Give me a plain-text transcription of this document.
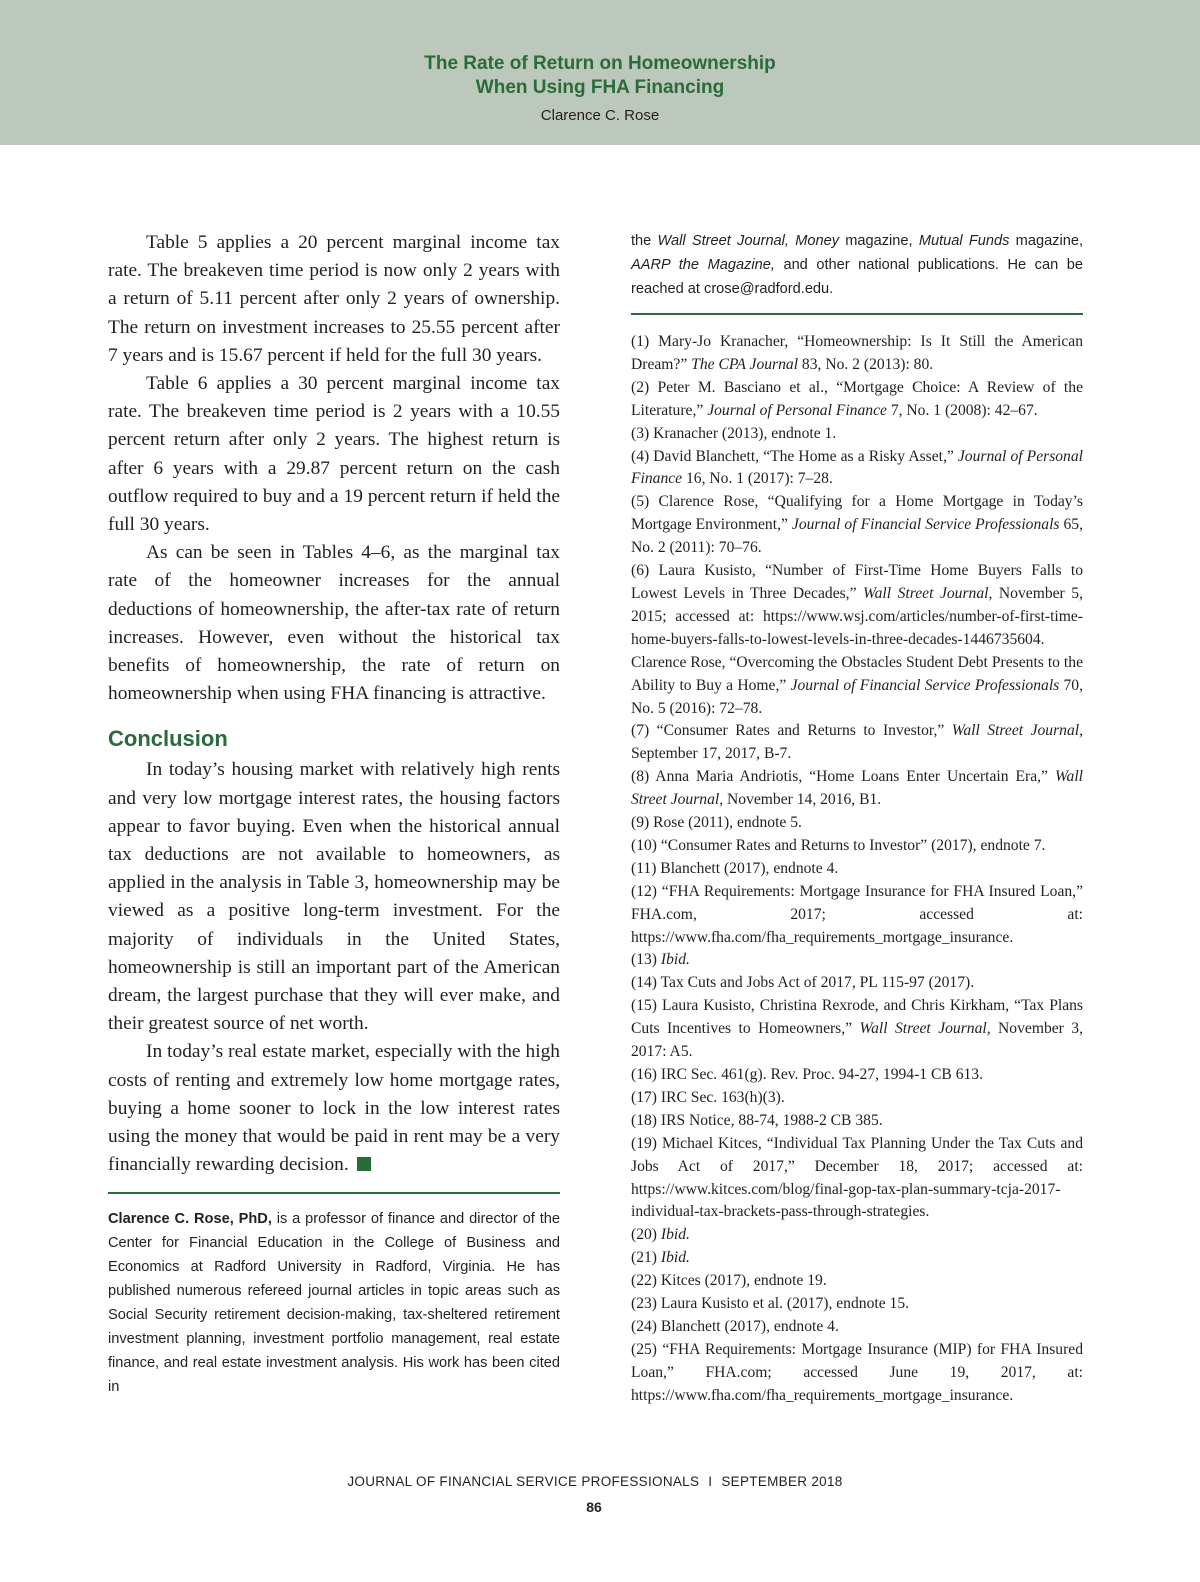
The Rate of Return on Homeownership
When Using FHA Financing
Clarence C. Rose

Table 5 applies a 20 percent marginal income tax rate. The breakeven time period is now only 2 years with a return of 5.11 percent after only 2 years of ownership. The return on investment increases to 25.55 percent after 7 years and is 15.67 percent if held for the full 30 years.

Table 6 applies a 30 percent marginal income tax rate. The breakeven time period is 2 years with a 10.55 percent return after only 2 years. The highest return is after 6 years with a 29.87 percent return on the cash outflow required to buy and a 19 percent return if held the full 30 years.

As can be seen in Tables 4–6, as the marginal tax rate of the homeowner increases for the annual deductions of homeownership, the after-tax rate of return increases. However, even without the historical tax benefits of homeownership, the rate of return on homeownership when using FHA financing is attractive.

Conclusion

In today’s housing market with relatively high rents and very low mortgage interest rates, the housing factors appear to favor buying. Even when the historical annual tax deductions are not available to homeowners, as applied in the analysis in Table 3, homeownership may be viewed as a positive long-term investment. For the majority of individuals in the United States, homeownership is still an important part of the American dream, the largest purchase that they will ever make, and their greatest source of net worth.

In today’s real estate market, especially with the high costs of renting and extremely low home mortgage rates, buying a home sooner to lock in the low interest rates using the money that would be paid in rent may be a very financially rewarding decision.

Clarence C. Rose, PhD, is a professor of finance and director of the Center for Financial Education in the College of Business and Economics at Radford University in Radford, Virginia. He has published numerous refereed journal articles in topic areas such as Social Security retirement decision-making, tax-sheltered retirement investment planning, investment portfolio management, real estate finance, and real estate investment analysis. His work has been cited in

the Wall Street Journal, Money magazine, Mutual Funds magazine, AARP the Magazine, and other national publications. He can be reached at crose@radford.edu.

(1) Mary-Jo Kranacher, “Homeownership: Is It Still the American Dream?” The CPA Journal 83, No. 2 (2013): 80.

(2) Peter M. Basciano et al., “Mortgage Choice: A Review of the Literature,” Journal of Personal Finance 7, No. 1 (2008): 42–67.

(3) Kranacher (2013), endnote 1.

(4) David Blanchett, “The Home as a Risky Asset,” Journal of Personal Finance 16, No. 1 (2017): 7–28.

(5) Clarence Rose, “Qualifying for a Home Mortgage in Today’s Mortgage Environment,” Journal of Financial Service Professionals 65, No. 2 (2011): 70–76.

(6) Laura Kusisto, “Number of First-Time Home Buyers Falls to Lowest Levels in Three Decades,” Wall Street Journal, November 5, 2015; accessed at: https://www.wsj.com/articles/number-of-first-time-home-buyers-falls-to-lowest-levels-in-three-decades-1446735604. Clarence Rose, “Overcoming the Obstacles Student Debt Presents to the Ability to Buy a Home,” Journal of Financial Service Professionals 70, No. 5 (2016): 72–78.

(7) “Consumer Rates and Returns to Investor,” Wall Street Journal, September 17, 2017, B-7.

(8) Anna Maria Andriotis, “Home Loans Enter Uncertain Era,” Wall Street Journal, November 14, 2016, B1.

(9) Rose (2011), endnote 5.

(10) “Consumer Rates and Returns to Investor” (2017), endnote 7.

(11) Blanchett (2017), endnote 4.

(12) “FHA Requirements: Mortgage Insurance for FHA Insured Loan,” FHA.com, 2017; accessed at: https://www.fha.com/fha_requirements_mortgage_insurance.

(13) Ibid.

(14) Tax Cuts and Jobs Act of 2017, PL 115-97 (2017).

(15) Laura Kusisto, Christina Rexrode, and Chris Kirkham, “Tax Plans Cuts Incentives to Homeowners,” Wall Street Journal, November 3, 2017: A5.

(16) IRC Sec. 461(g). Rev. Proc. 94-27, 1994-1 CB 613.

(17) IRC Sec. 163(h)(3).

(18) IRS Notice, 88-74, 1988-2 CB 385.

(19) Michael Kitces, “Individual Tax Planning Under the Tax Cuts and Jobs Act of 2017,” December 18, 2017; accessed at: https://www.kitces.com/blog/final-gop-tax-plan-summary-tcja-2017-individual-tax-brackets-pass-through-strategies.

(20) Ibid.

(21) Ibid.

(22) Kitces (2017), endnote 19.

(23) Laura Kusisto et al. (2017), endnote 15.

(24) Blanchett (2017), endnote 4.

(25) “FHA Requirements: Mortgage Insurance (MIP) for FHA Insured Loan,” FHA.com; accessed June 19, 2017, at: https://www.fha.com/fha_requirements_mortgage_insurance.

JOURNAL OF FINANCIAL SERVICE PROFESSIONALS I SEPTEMBER 2018
86
